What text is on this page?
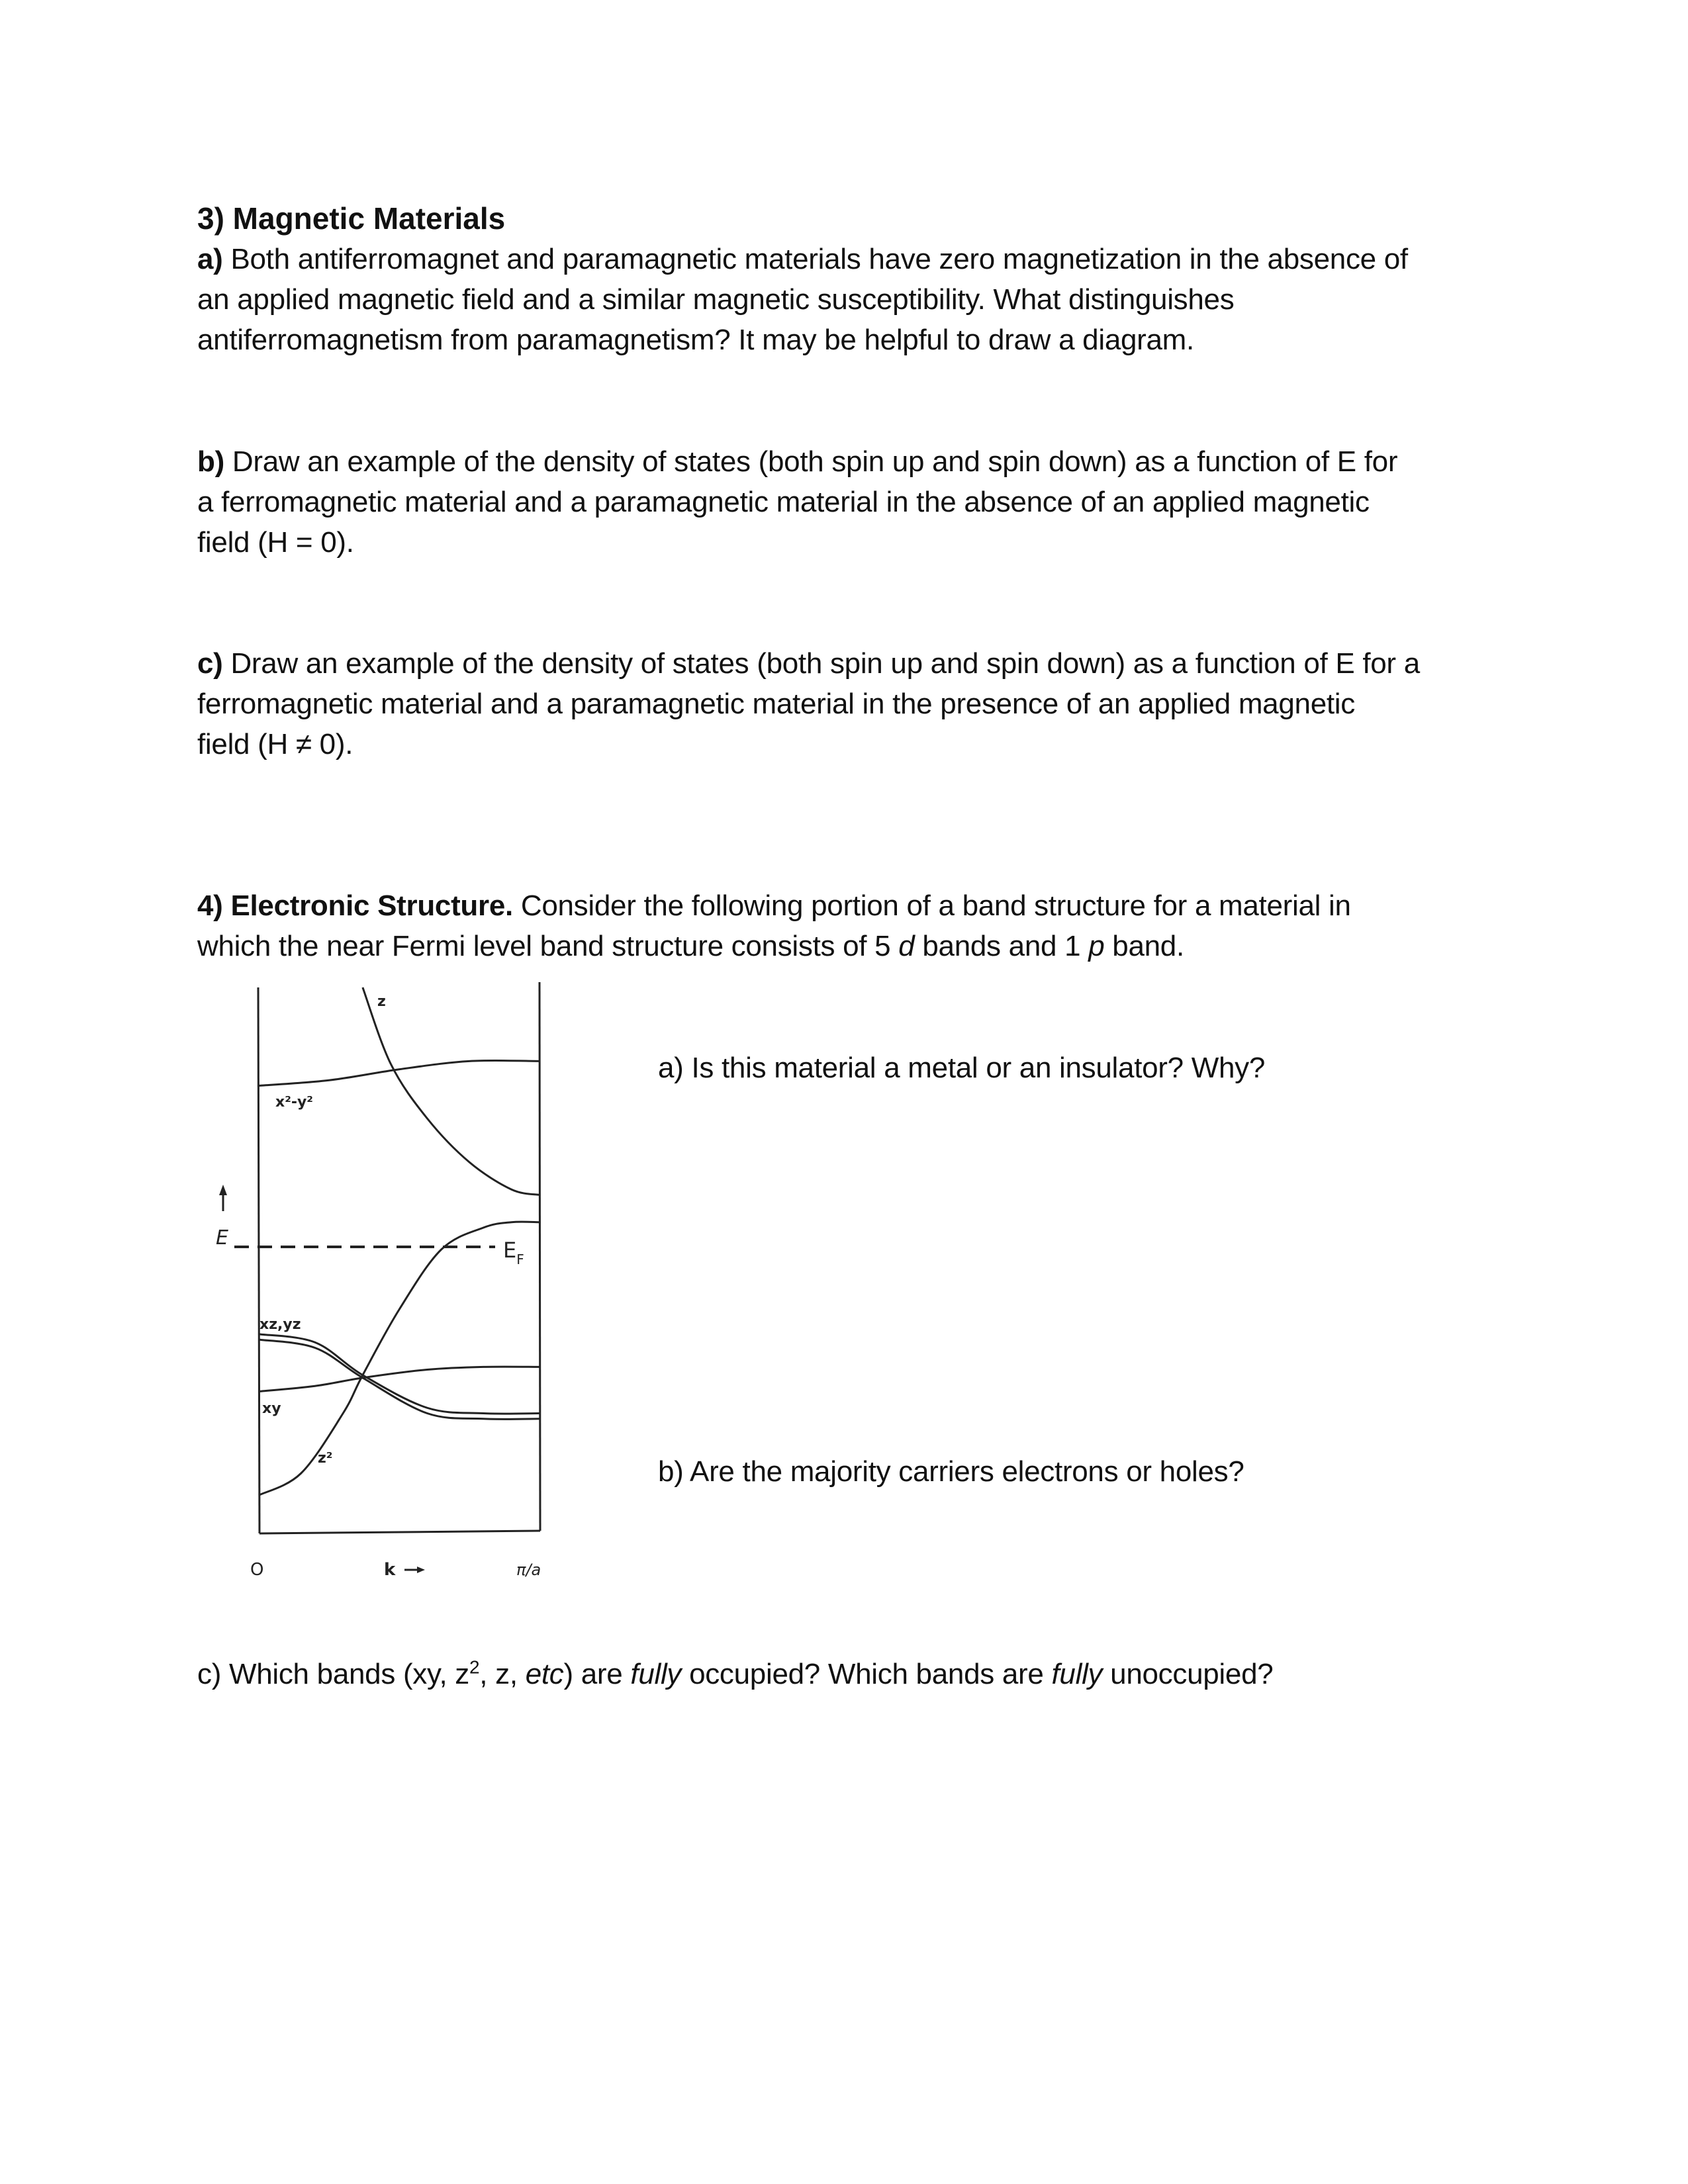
3) Magnetic Materials
a) Both antiferromagnet and paramagnetic materials have zero magnetization in the absence of
an applied magnetic field and a similar magnetic susceptibility. What distinguishes
antiferromagnetism from paramagnetism? It may be helpful to draw a diagram.
b) Draw an example of the density of states (both spin up and spin down) as a function of E for
a ferromagnetic material and a paramagnetic material in the absence of an applied magnetic
field (H = 0).
c) Draw an example of the density of states (both spin up and spin down) as a function of E for a
ferromagnetic material and a paramagnetic material in the presence of an applied magnetic
field (H ≠ 0).
4) Electronic Structure. Consider the following portion of a band structure for a material in
which the near Fermi level band structure consists of 5 d bands and 1 p band.
a) Is this material a metal or an insulator? Why?
b) Are the majority carriers electrons or holes?
c) Which bands (xy, $z^2$, z, etc) are fully occupied? Which bands are fully unoccupied?
E	$E_F$
z
x²-y²
xz,yz
xy
z²
O	k	π/a
